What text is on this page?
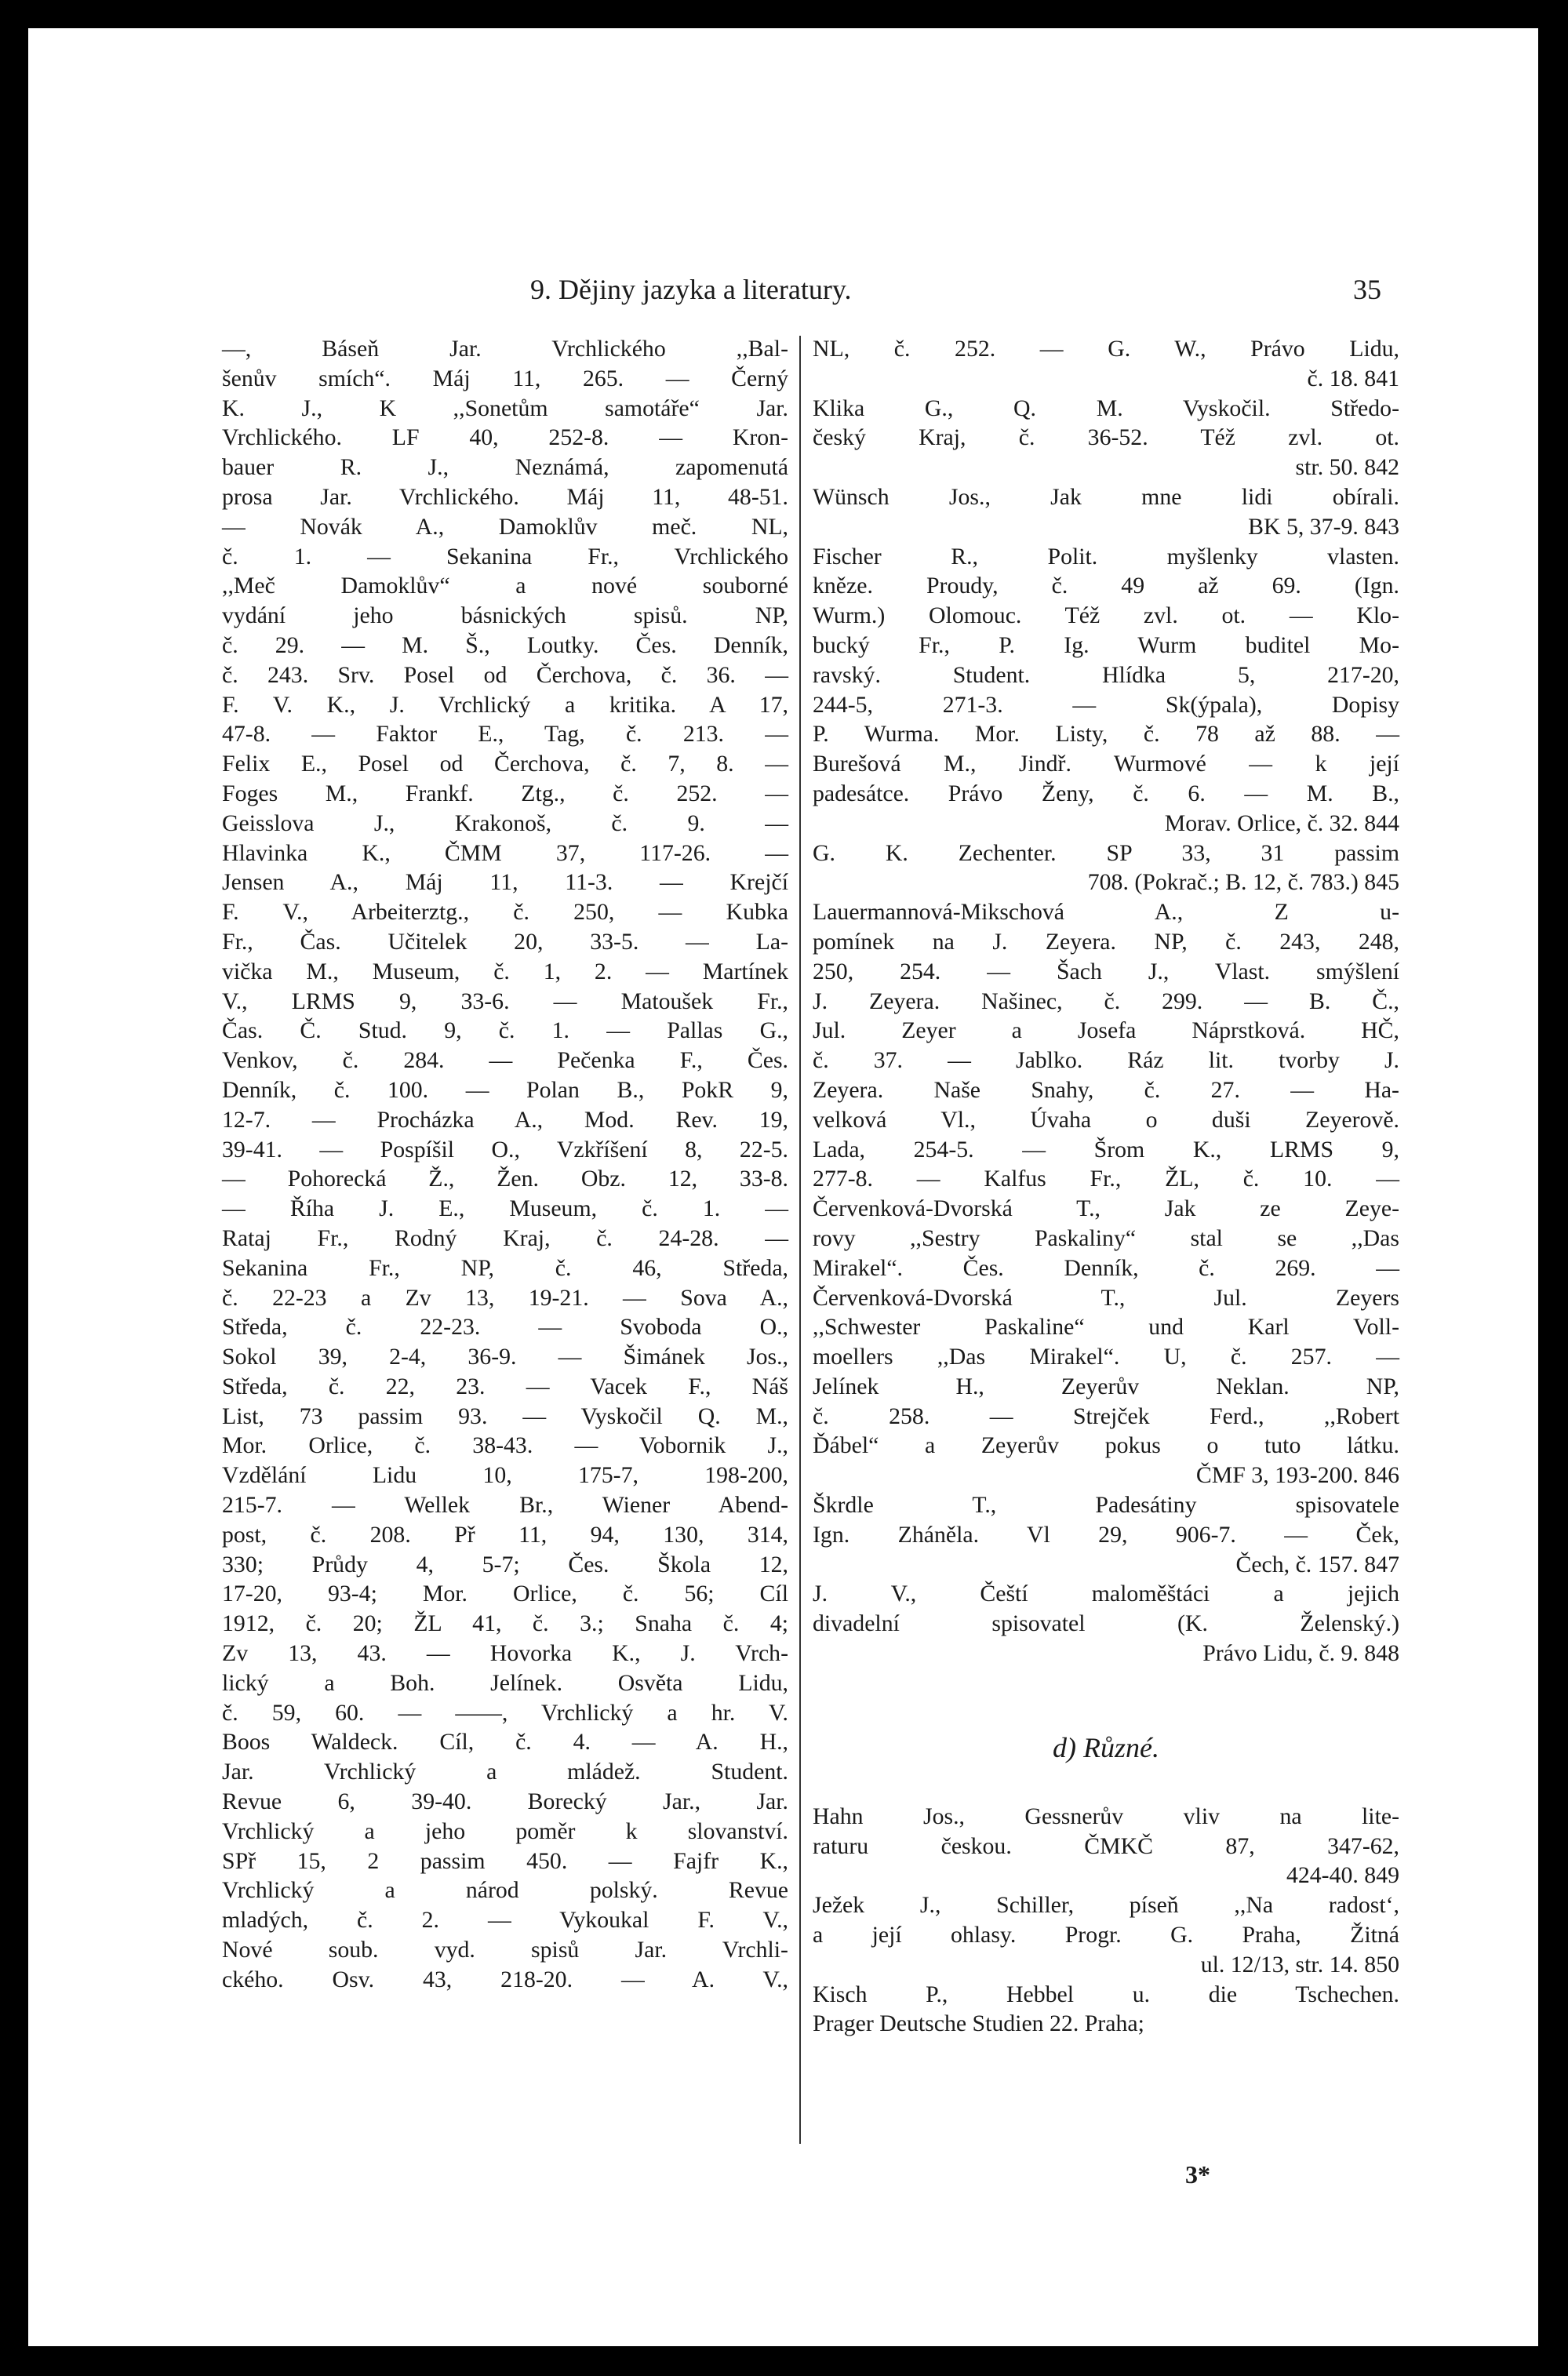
9. Dějiny jazyka a literatury.	35
—, Báseň Jar. Vrchlického ,,Bal-
šenův smích“. Máj 11, 265. — Černý
K. J., K ,,Sonetům samotáře“ Jar.
Vrchlického. LF 40, 252-8. — Kron-
bauer R. J., Neznámá, zapomenutá
prosa Jar. Vrchlického. Máj 11, 48-51.
— Novák A., Damoklův meč. NL,
č. 1. — Sekanina Fr., Vrchlického
,,Meč Damoklův“ a nové souborné
vydání jeho básnických spisů. NP,
č. 29. — M. Š., Loutky. Čes. Denník,
č. 243. Srv. Posel od Čerchova, č. 36. —
F. V. K., J. Vrchlický a kritika. A 17,
47-8. — Faktor E., Tag, č. 213. —
Felix E., Posel od Čerchova, č. 7, 8. —
Foges M., Frankf. Ztg., č. 252. —
Geisslova J., Krakonoš, č. 9. —
Hlavinka K., ČMM 37, 117-26. —
Jensen A., Máj 11, 11-3. — Krejčí
F. V., Arbeiterztg., č. 250, — Kubka
Fr., Čas. Učitelek 20, 33-5. — La-
vička M., Museum, č. 1, 2. — Martínek
V., LRMS 9, 33-6. — Matoušek Fr.,
Čas. Č. Stud. 9, č. 1. — Pallas G.,
Venkov, č. 284. — Pečenka F., Čes.
Denník, č. 100. — Polan B., PokR 9,
12-7. — Procházka A., Mod. Rev. 19,
39-41. — Pospíšil O., Vzkříšení 8, 22-5.
— Pohorecká Ž., Žen. Obz. 12, 33-8.
— Říha J. E., Museum, č. 1. —
Rataj Fr., Rodný Kraj, č. 24-28. —
Sekanina Fr., NP, č. 46, Středa,
č. 22-23 a Zv 13, 19-21. — Sova A.,
Středa, č. 22-23. — Svoboda O.,
Sokol 39, 2-4, 36-9. — Šimánek Jos.,
Středa, č. 22, 23. — Vacek F., Náš
List, 73 passim 93. — Vyskočil Q. M.,
Mor. Orlice, č. 38-43. — Vobornik J.,
Vzdělání Lidu 10, 175-7, 198-200,
215-7. — Wellek Br., Wiener Abend-
post, č. 208. Př 11, 94, 130, 314,
330; Průdy 4, 5-7; Čes. Škola 12,
17-20, 93-4; Mor. Orlice, č. 56; Cíl
1912, č. 20; ŽL 41, č. 3.; Snaha č. 4;
Zv 13, 43. — Hovorka K., J. Vrch-
lický a Boh. Jelínek. Osvěta Lidu,
č. 59, 60. — ——, Vrchlický a hr. V.
Boos Waldeck. Cíl, č. 4. — A. H.,
Jar. Vrchlický a mládež. Student.
Revue 6, 39-40. Borecký Jar., Jar.
Vrchlický a jeho poměr k slovanství.
SPř 15, 2 passim 450. — Fajfr K.,
Vrchlický a národ polský. Revue
mladých, č. 2. — Vykoukal F. V.,
Nové soub. vyd. spisů Jar. Vrchli-
ckého. Osv. 43, 218-20. — A. V.,
NL, č. 252. — G. W., Právo Lidu,
č. 18. 841
Klika G., Q. M. Vyskočil. Středo-
český Kraj, č. 36-52. Též zvl. ot.
str. 50. 842
Wünsch Jos., Jak mne lidi obírali.
BK 5, 37-9. 843
Fischer R., Polit. myšlenky vlasten.
kněze. Proudy, č. 49 až 69. (Ign.
Wurm.) Olomouc. Též zvl. ot. — Klo-
bucký Fr., P. Ig. Wurm buditel Mo-
ravský. Student. Hlídka 5, 217-20,
244-5, 271-3. — Sk(ýpala), Dopisy
P. Wurma. Mor. Listy, č. 78 až 88. —
Burešová M., Jindř. Wurmové — k její
padesátce. Právo Ženy, č. 6. — M. B.,
Morav. Orlice, č. 32. 844
G. K. Zechenter. SP 33, 31 passim
708. (Pokrač.; B. 12, č. 783.) 845
Lauermannová-Mikschová A., Z u-
pomínek na J. Zeyera. NP, č. 243, 248,
250, 254. — Šach J., Vlast. smýšlení
J. Zeyera. Našinec, č. 299. — B. Č.,
Jul. Zeyer a Josefa Náprstková. HČ,
č. 37. — Jablko. Ráz lit. tvorby J.
Zeyera. Naše Snahy, č. 27. — Ha-
velková Vl., Úvaha o duši Zeyerově.
Lada, 254-5. — Šrom K., LRMS 9,
277-8. — Kalfus Fr., ŽL, č. 10. —
Červenková-Dvorská T., Jak ze Zeye-
rovy ,,Sestry Paskaliny“ stal se ,,Das
Mirakel“. Čes. Denník, č. 269. —
Červenková-Dvorská T., Jul. Zeyers
,,Schwester Paskaline“ und Karl Voll-
moellers ,,Das Mirakel“. U, č. 257. —
Jelínek H., Zeyerův Neklan. NP,
č. 258. — Strejček Ferd., ,,Robert
Ďábel“ a Zeyerův pokus o tuto látku.
ČMF 3, 193-200. 846
Škrdle T., Padesátiny spisovatele
Ign. Zháněla. Vl 29, 906-7. — Ček,
Čech, č. 157. 847
J. V., Čeští maloměštáci a jejich
divadelní spisovatel (K. Želenský.)
Právo Lidu, č. 9. 848
d) Různé.
Hahn Jos., Gessnerův vliv na lite-
raturu českou. ČMKČ 87, 347-62,
424-40. 849
Ježek J., Schiller, píseň ,,Na radost‘,
a její ohlasy. Progr. G. Praha, Žitná
ul. 12/13, str. 14. 850
Kisch P., Hebbel u. die Tschechen.
Prager Deutsche Studien 22. Praha;
3*
